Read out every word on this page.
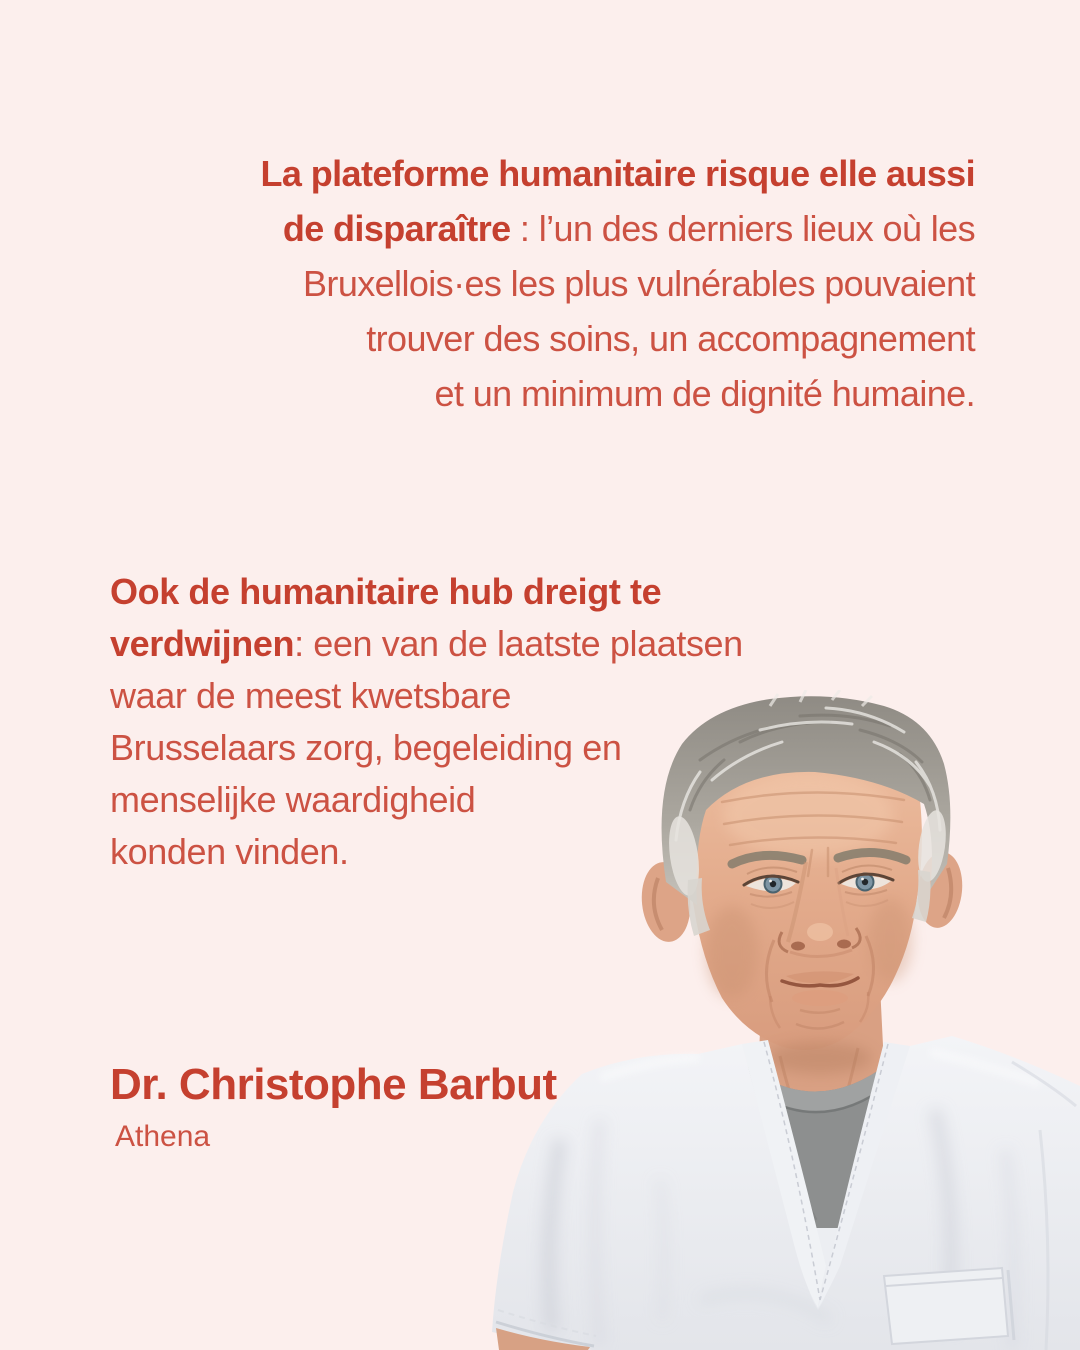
La plateforme humanitaire risque elle aussi
de disparaître : l’un des derniers lieux où les
Bruxellois·es les plus vulnérables pouvaient
trouver des soins, un accompagnement
et un minimum de dignité humaine.
Ook de humanitaire hub dreigt te
verdwijnen: een van de laatste plaatsen
waar de meest kwetsbare
Brusselaars zorg, begeleiding en
menselijke waardigheid
konden vinden.
Dr. Christophe Barbut
Athena
